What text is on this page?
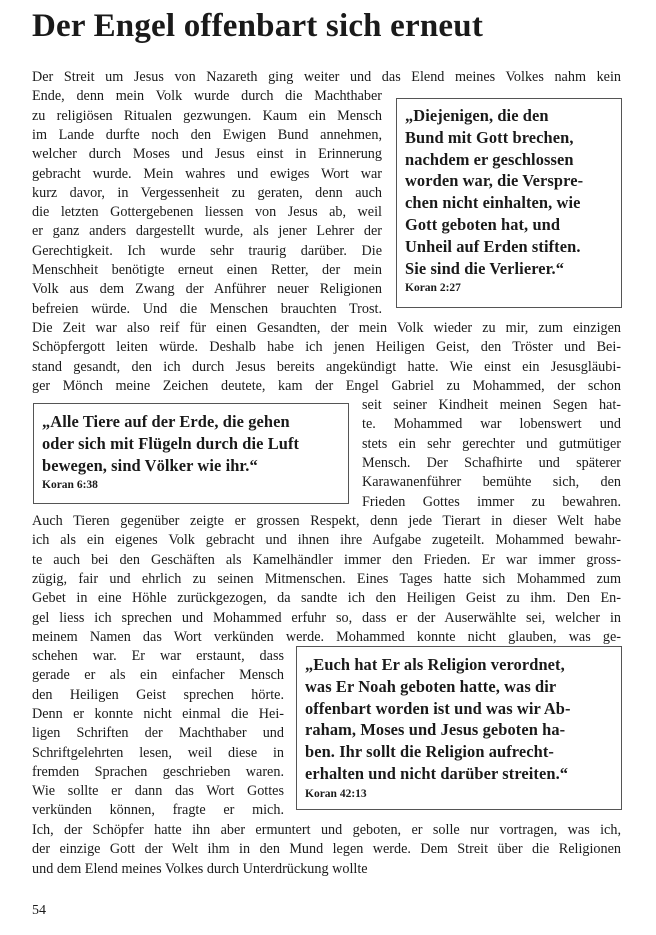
Der Engel offenbart sich erneut
Der Streit um Jesus von Nazareth ging weiter und das Elend meines Volkes nahm kein
Ende, denn mein Volk wurde durch die Machthaber
zu religiösen Ritualen gezwungen. Kaum ein Mensch
im Lande durfte noch den Ewigen Bund annehmen,
welcher durch Moses und Jesus einst in Erinnerung
gebracht wurde. Mein wahres und ewiges Wort war
kurz davor, in Vergessenheit zu geraten, denn auch
die letzten Gottergebenen liessen von Jesus ab, weil
er ganz anders dargestellt wurde, als jener Lehrer der
Gerechtigkeit. Ich wurde sehr traurig darüber. Die
Menschheit benötigte erneut einen Retter, der mein
Volk aus dem Zwang der Anführer neuer Religionen
befreien würde. Und die Menschen brauchten Trost.
Die Zeit war also reif für einen Gesandten, der mein Volk wieder zu mir, zum einzigen
Schöpfergott leiten würde. Deshalb habe ich jenen Heiligen Geist, den Tröster und Bei-
stand gesandt, den ich durch Jesus bereits angekündigt hatte. Wie einst ein Jesusgläubi-
ger Mönch meine Zeichen deutete, kam der Engel Gabriel zu Mohammed, der schon
seit seiner Kindheit meinen Segen hat-
te. Mohammed war lobenswert und
stets ein sehr gerechter und gutmütiger
Mensch. Der Schafhirte und späterer
Karawanenführer bemühte sich, den
Frieden Gottes immer zu bewahren.
Auch Tieren gegenüber zeigte er grossen Respekt, denn jede Tierart in dieser Welt habe
ich als ein eigenes Volk gebracht und ihnen ihre Aufgabe zugeteilt. Mohammed bewahr-
te auch bei den Geschäften als Kamelhändler immer den Frieden. Er war immer gross-
zügig, fair und ehrlich zu seinen Mitmenschen. Eines Tages hatte sich Mohammed zum
Gebet in eine Höhle zurückgezogen, da sandte ich den Heiligen Geist zu ihm. Den En-
gel liess ich sprechen und Mohammed erfuhr so, dass er der Auserwählte sei, welcher in
meinem Namen das Wort verkünden werde. Mohammed konnte nicht glauben, was ge-
schehen war. Er war erstaunt, dass
gerade er als ein einfacher Mensch
den Heiligen Geist sprechen hörte.
Denn er konnte nicht einmal die Hei-
ligen Schriften der Machthaber und
Schriftgelehrten lesen, weil diese in
fremden Sprachen geschrieben waren.
Wie sollte er dann das Wort Gottes
verkünden können, fragte er mich.
Ich, der Schöpfer hatte ihn aber ermuntert und geboten, er solle nur vortragen, was ich,
der einzige Gott der Welt ihm in den Mund legen werde. Dem Streit über die Religionen
und dem Elend meines Volkes durch Unterdrückung wollte
„Diejenigen, die den
Bund mit Gott brechen,
nachdem er geschlossen
worden war, die Verspre-
chen nicht einhalten, wie
Gott geboten hat, und
Unheil auf Erden stiften.
Sie sind die Verlierer.“
Koran 2:27
„Alle Tiere auf der Erde, die gehen
oder sich mit Flügeln durch die Luft
bewegen, sind Völker wie ihr.“
Koran 6:38
„Euch hat Er als Religion verordnet,
was Er Noah geboten hatte, was dir
offenbart worden ist und was wir Ab-
raham, Moses und Jesus geboten ha-
ben. Ihr sollt die Religion aufrecht-
erhalten und nicht darüber streiten.“
Koran 42:13
54
